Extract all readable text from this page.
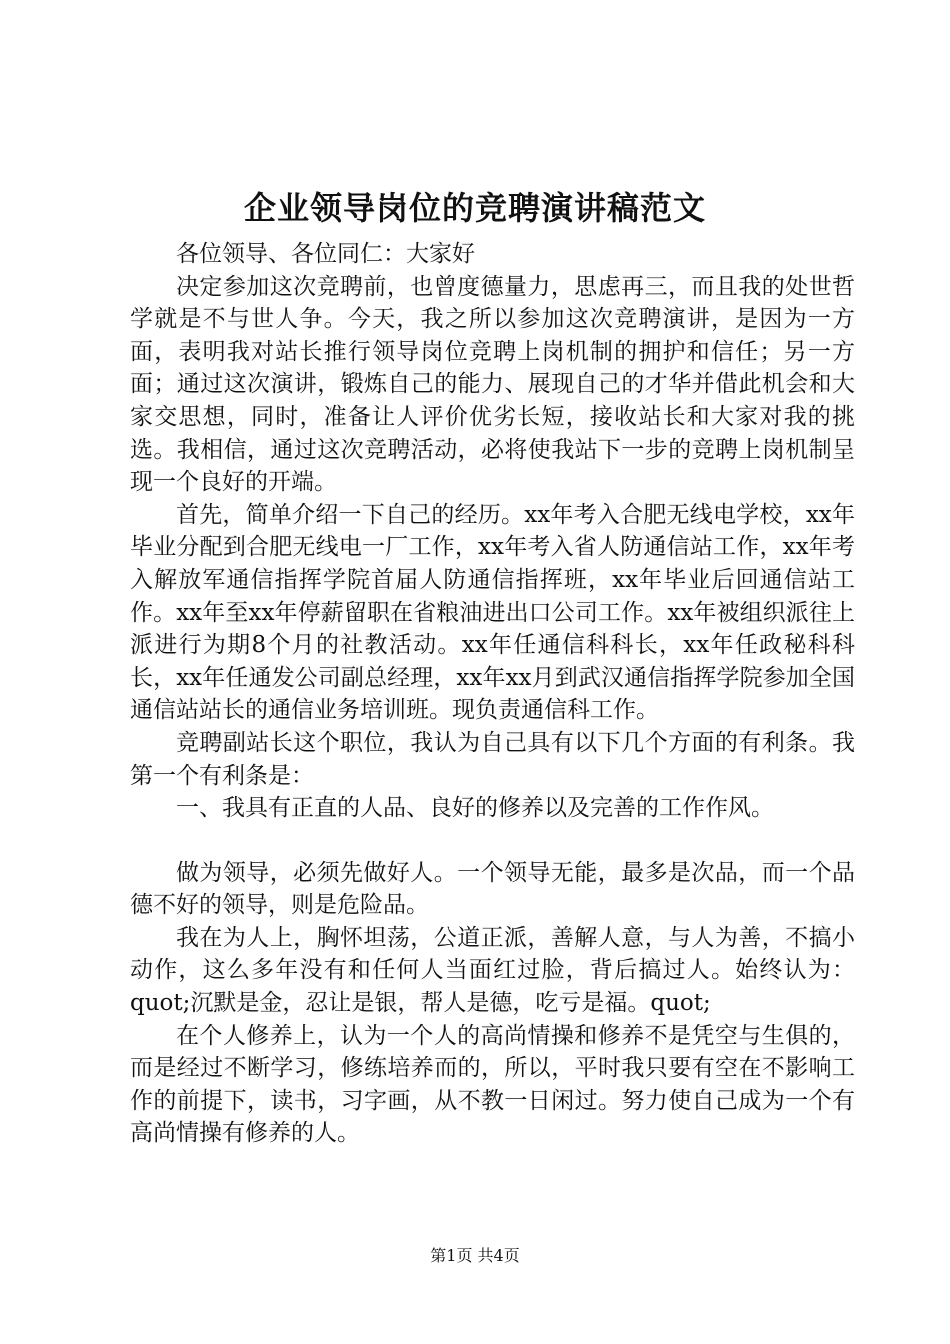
企业领导岗位的竞聘演讲稿范文

各位领导、各位同仁：大家好

决定参加这次竞聘前，也曾度德量力，思虑再三，而且我的处世哲学就是不与世人争。今天，我之所以参加这次竞聘演讲，是因为一方面，表明我对站长推行领导岗位竞聘上岗机制的拥护和信任；另一方面；通过这次演讲，锻炼自己的能力、展现自己的才华并借此机会和大家交思想，同时，准备让人评价优劣长短，接收站长和大家对我的挑选。我相信，通过这次竞聘活动，必将使我站下一步的竞聘上岗机制呈现一个良好的开端。

首先，简单介绍一下自己的经历。xx年考入合肥无线电学校，xx年毕业分配到合肥无线电一厂工作，xx年考入省人防通信站工作，xx年考入解放军通信指挥学院首届人防通信指挥班，xx年毕业后回通信站工作。xx年至xx年停薪留职在省粮油进出口公司工作。xx年被组织派往上派进行为期8个月的社教活动。xx年任通信科科长，xx年任政秘科科长，xx年任通发公司副总经理，xx年xx月到武汉通信指挥学院参加全国通信站站长的通信业务培训班。现负责通信科工作。

竞聘副站长这个职位，我认为自己具有以下几个方面的有利条。我第一个有利条是：

一、我具有正直的人品、良好的修养以及完善的工作作风。

做为领导，必须先做好人。一个领导无能，最多是次品，而一个品德不好的领导，则是危险品。

我在为人上，胸怀坦荡，公道正派，善解人意，与人为善，不搞小动作，这么多年没有和任何人当面红过脸，背后搞过人。始终认为：quot;沉默是金，忍让是银，帮人是德，吃亏是福。quot;

在个人修养上，认为一个人的高尚情操和修养不是凭空与生俱的，而是经过不断学习，修练培养而的，所以，平时我只要有空在不影响工作的前提下，读书，习字画，从不教一日闲过。努力使自己成为一个有高尚情操有修养的人。

第1页 共4页
